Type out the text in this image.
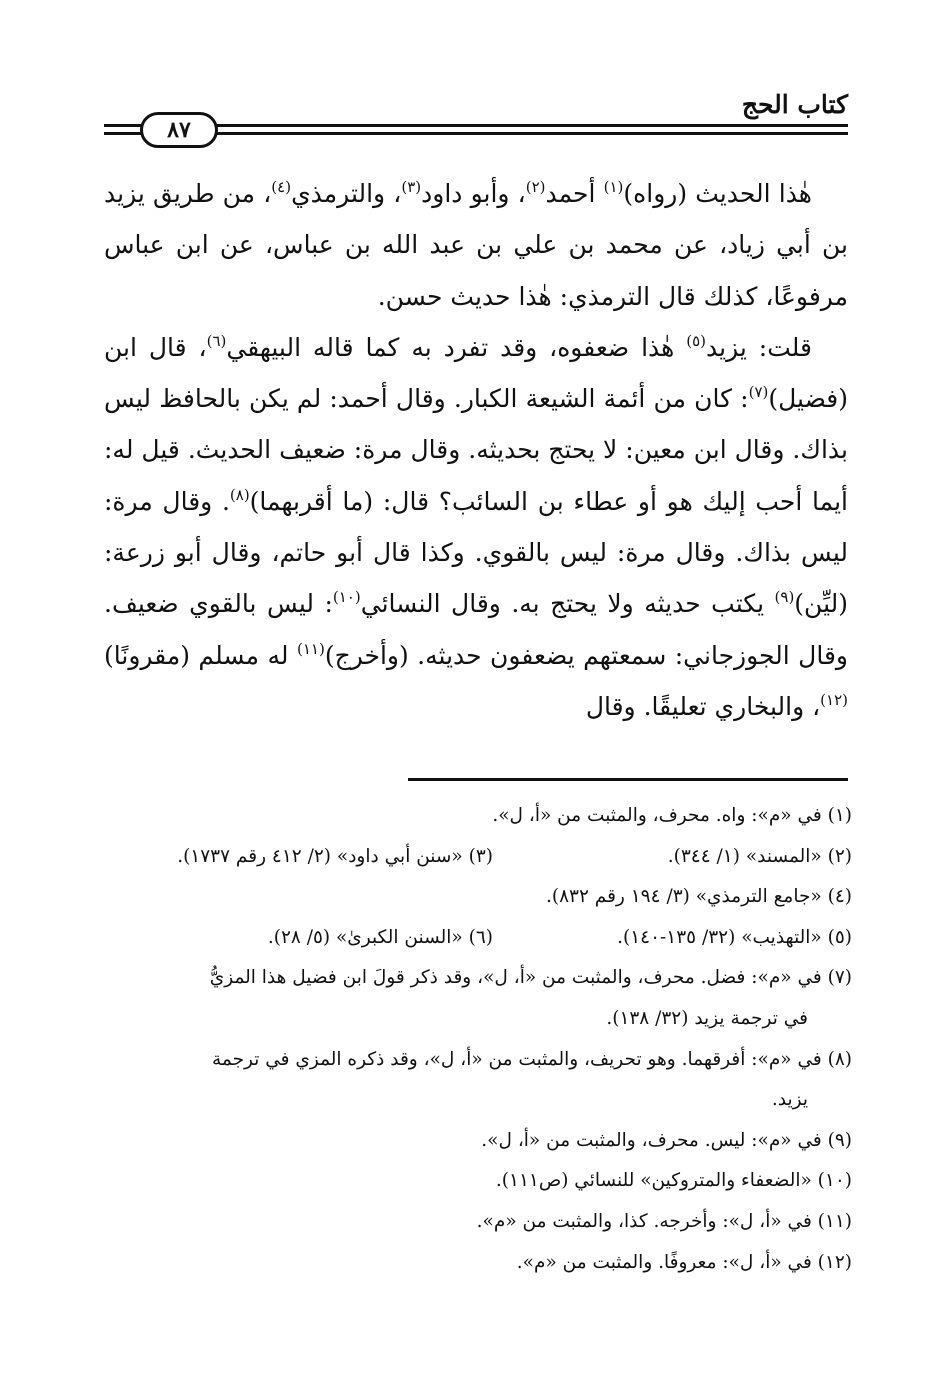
كتاب الحج
٨٧

هٰذا الحديث (رواه)$^{(١)}$ أحمد$^{(٢)}$، وأبو داود$^{(٣)}$، والترمذي$^{(٤)}$، من طريق يزيد بن أبي زياد، عن محمد بن علي بن عبد الله بن عباس، عن ابن عباس مرفوعًا، كذلك قال الترمذي: هٰذا حديث حسن.

قلت: يزيد$^{(٥)}$ هٰذا ضعفوه، وقد تفرد به كما قاله البيهقي$^{(٦)}$، قال ابن (فضيل)$^{(٧)}$: كان من أئمة الشيعة الكبار. وقال أحمد: لم يكن بالحافظ ليس بذاك. وقال ابن معين: لا يحتج بحديثه. وقال مرة: ضعيف الحديث. قيل له: أيما أحب إليك هو أو عطاء بن السائب؟ قال: (ما أقربهما)$^{(٨)}$. وقال مرة: ليس بذاك. وقال مرة: ليس بالقوي. وكذا قال أبو حاتم، وقال أبو زرعة: (ليِّن)$^{(٩)}$ يكتب حديثه ولا يحتج به. وقال النسائي$^{(١٠)}$: ليس بالقوي ضعيف. وقال الجوزجاني: سمعتهم يضعفون حديثه. (وأخرج)$^{(١١)}$ له مسلم (مقرونًا)$^{(١٢)}$، والبخاري تعليقًا. وقال

(١) في «م»: واه. محرف، والمثبت من «أ، ل».
(٢) «المسند» (١/ ٣٤٤).
(٣) «سنن أبي داود» (٢/ ٤١٢ رقم ١٧٣٧).
(٤) «جامع الترمذي» (٣/ ١٩٤ رقم ٨٣٢).
(٥) «التهذيب» (٣٢/ ١٣٥-١٤٠).
(٦) «السنن الكبرىٰ» (٥/ ٢٨).
(٧) في «م»: فضل. محرف، والمثبت من «أ، ل»، وقد ذكر قولَ ابن فضيل هذا المزيُّ
في ترجمة يزيد (٣٢/ ١٣٨).
(٨) في «م»: أفرقهما. وهو تحريف، والمثبت من «أ، ل»، وقد ذكره المزي في ترجمة
يزيد.
(٩) في «م»: ليس. محرف، والمثبت من «أ، ل».
(١٠) «الضعفاء والمتروكين» للنسائي (ص١١١).
(١١) في «أ، ل»: وأخرجه. كذا، والمثبت من «م».
(١٢) في «أ، ل»: معروفًا. والمثبت من «م».
